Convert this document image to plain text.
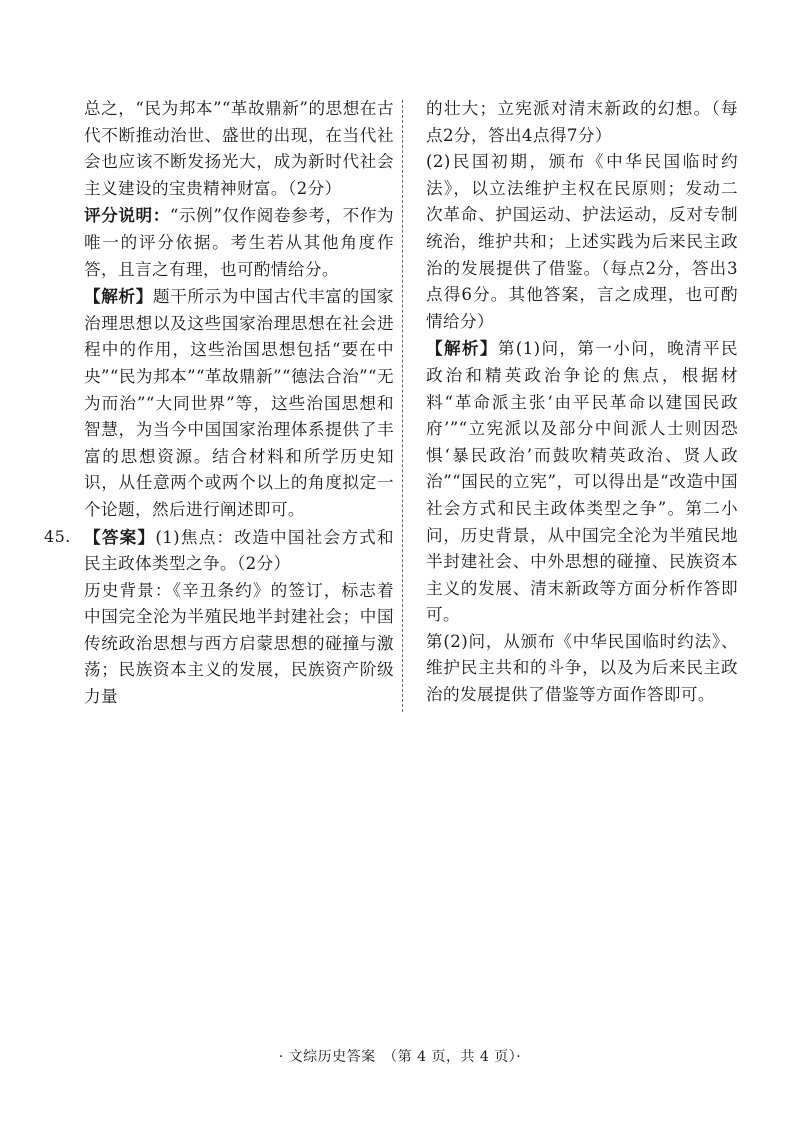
总之，“民为邦本”“革故鼎新”的思想在古代不断推动治世、盛世的出现，在当代社会也应该不断发扬光大，成为新时代社会主义建设的宝贵精神财富。（2分）

评分说明：“示例”仅作阅卷参考，不作为唯一的评分依据。考生若从其他角度作答，且言之有理，也可酌情给分。

【解析】题干所示为中国古代丰富的国家治理思想以及这些国家治理思想在社会进程中的作用，这些治国思想包括“要在中央”“民为邦本”“革故鼎新”“德法合治”“无为而治”“大同世界”等，这些治国思想和智慧，为当今中国国家治理体系提供了丰富的思想资源。结合材料和所学历史知识，从任意两个或两个以上的角度拟定一个论题，然后进行阐述即可。

45. 【答案】(1)焦点：改造中国社会方式和民主政体类型之争。（2分）

历史背景：《辛丑条约》的签订，标志着中国完全沦为半殖民地半封建社会；中国传统政治思想与西方启蒙思想的碰撞与激荡；民族资本主义的发展，民族资产阶级力量

的壮大；立宪派对清末新政的幻想。（每点2分，答出4点得7分）

(2)民国初期，颁布《中华民国临时约法》，以立法维护主权在民原则；发动二次革命、护国运动、护法运动，反对专制统治，维护共和；上述实践为后来民主政治的发展提供了借鉴。（每点2分，答出3点得6分。其他答案，言之成理，也可酌情给分）

【解析】第(1)问，第一小问，晚清平民政治和精英政治争论的焦点，根据材料“革命派主张‘由平民革命以建国民政府’”“立宪派以及部分中间派人士则因恐惧‘暴民政治’而鼓吹精英政治、贤人政治”“国民的立宪”，可以得出是“改造中国社会方式和民主政体类型之争”。第二小问，历史背景，从中国完全沦为半殖民地半封建社会、中外思想的碰撞、民族资本主义的发展、清末新政等方面分析作答即可。

第(2)问，从颁布《中华民国临时约法》、维护民主共和的斗争，以及为后来民主政治的发展提供了借鉴等方面作答即可。

· 文综历史答案　（第 4 页，共 4 页）·
